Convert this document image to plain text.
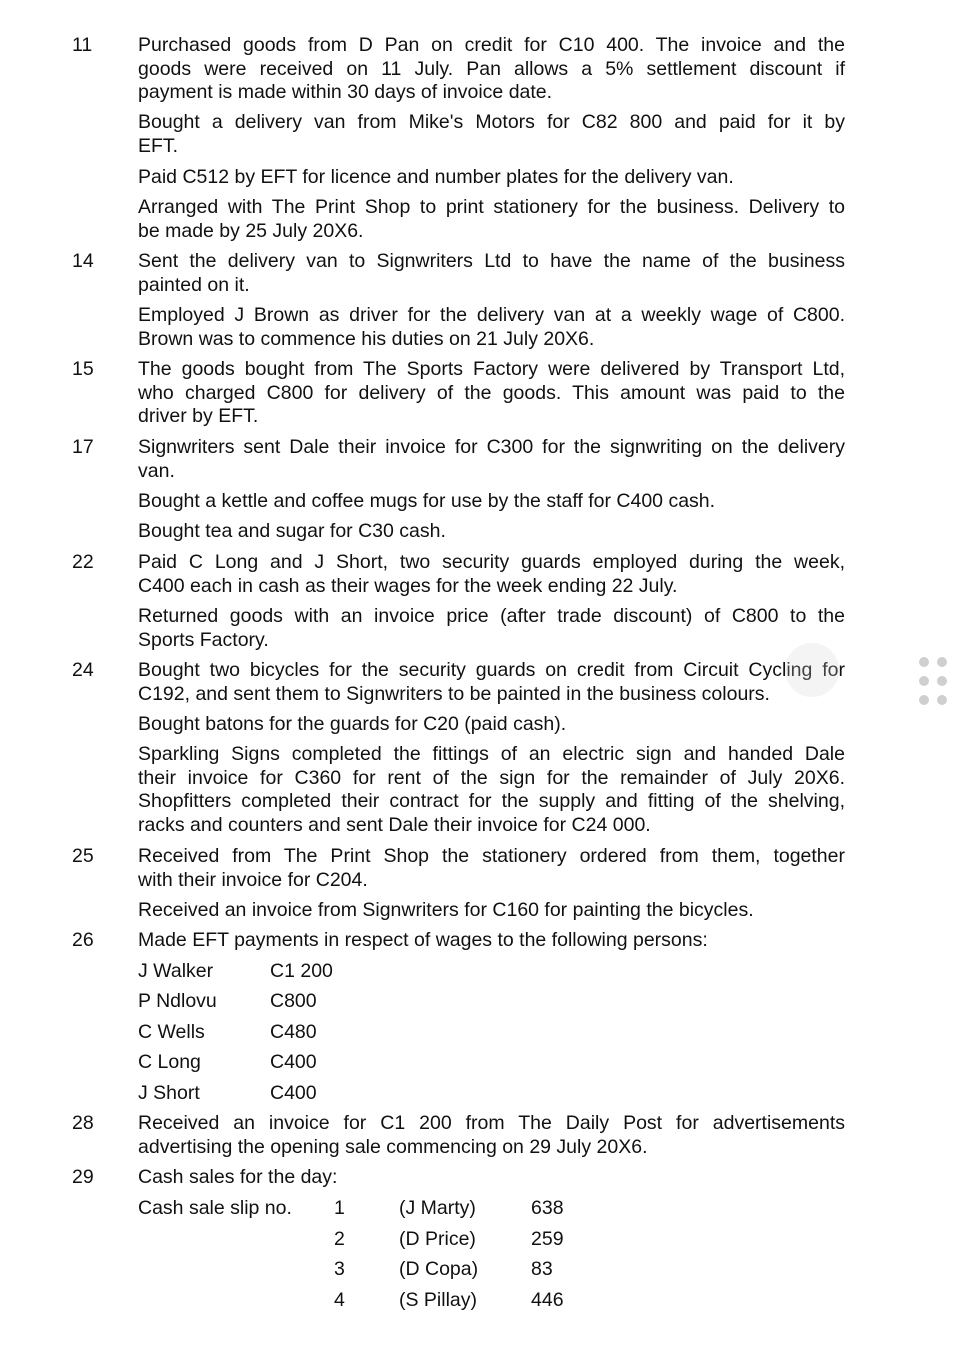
11 Purchased goods from D Pan on credit for C10 400. The invoice and the
goods were received on 11 July. Pan allows a 5% settlement discount if
payment is made within 30 days of invoice date.
Bought a delivery van from Mike's Motors for C82 800 and paid for it by
EFT.
Paid C512 by EFT for licence and number plates for the delivery van.
Arranged with The Print Shop to print stationery for the business. Delivery to
be made by 25 July 20X6.
14 Sent the delivery van to Signwriters Ltd to have the name of the business
painted on it.
Employed J Brown as driver for the delivery van at a weekly wage of C800.
Brown was to commence his duties on 21 July 20X6.
15 The goods bought from The Sports Factory were delivered by Transport Ltd,
who charged C800 for delivery of the goods. This amount was paid to the
driver by EFT.
17 Signwriters sent Dale their invoice for C300 for the signwriting on the delivery
van.
Bought a kettle and coffee mugs for use by the staff for C400 cash.
Bought tea and sugar for C30 cash.
22 Paid C Long and J Short, two security guards employed during the week,
C400 each in cash as their wages for the week ending 22 July.
Returned goods with an invoice price (after trade discount) of C800 to the
Sports Factory.
24 Bought two bicycles for the security guards on credit from Circuit Cycling for
C192, and sent them to Signwriters to be painted in the business colours.
Bought batons for the guards for C20 (paid cash).
Sparkling Signs completed the fittings of an electric sign and handed Dale
their invoice for C360 for rent of the sign for the remainder of July 20X6.
Shopfitters completed their contract for the supply and fitting of the shelving,
racks and counters and sent Dale their invoice for C24 000.
25 Received from The Print Shop the stationery ordered from them, together
with their invoice for C204.
Received an invoice from Signwriters for C160 for painting the bicycles.
26 Made EFT payments in respect of wages to the following persons:
J Walker	C1 200
P Ndlovu	C800
C Wells	C480
C Long	C400
J Short	C400
28 Received an invoice for C1 200 from The Daily Post for advertisements
advertising the opening sale commencing on 29 July 20X6.
29 Cash sales for the day:
Cash sale slip no. 1	(J Marty)	638
2	(D Price)	259
3	(D Copa)	83
4	(S Pillay)	446
